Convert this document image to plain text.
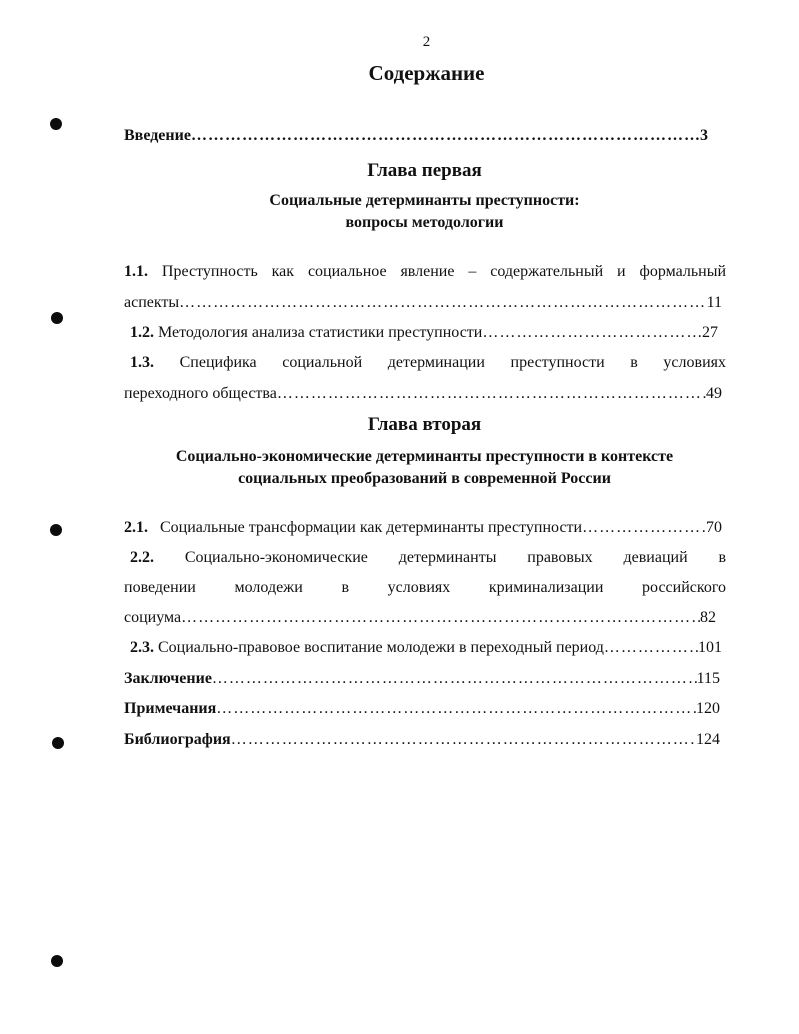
2
Содержание
Введение …………………………………………………………………………………………………………………………………………………………………………	3
Глава первая
Социальные детерминанты преступности:
вопросы методологии
1.1. Преступность как социальное явление – содержательный и формальный
аспекты …………………………………………………………………………………………………………………………………………………………………………	11
1.2. Методология анализа статистики преступности …………………………………………………………………………………………………………………………………………………………………………	27
1.3. Специфика социальной детерминации преступности в условиях
переходного общества …………………………………………………………………………………………………………………………………………………………………………	49
Глава вторая
Социально-экономические детерминанты преступности в контексте
социальных преобразований в современной России
2.1. Социальные трансформации как детерминанты преступности …………………………………………………………………………………………………………………………………………………………………………	70
2.2. Социально-экономические детерминанты правовых девиаций в
поведении молодежи в условиях криминализации российского
социума …………………………………………………………………………………………………………………………………………………………………………	82
2.3. Социально-правовое воспитание молодежи в переходный период …………………………………………………………………………………………………………………………………………………………………………	101
Заключение …………………………………………………………………………………………………………………………………………………………………………	115
Примечания …………………………………………………………………………………………………………………………………………………………………………	120
Библиография …………………………………………………………………………………………………………………………………………………………………………	124
